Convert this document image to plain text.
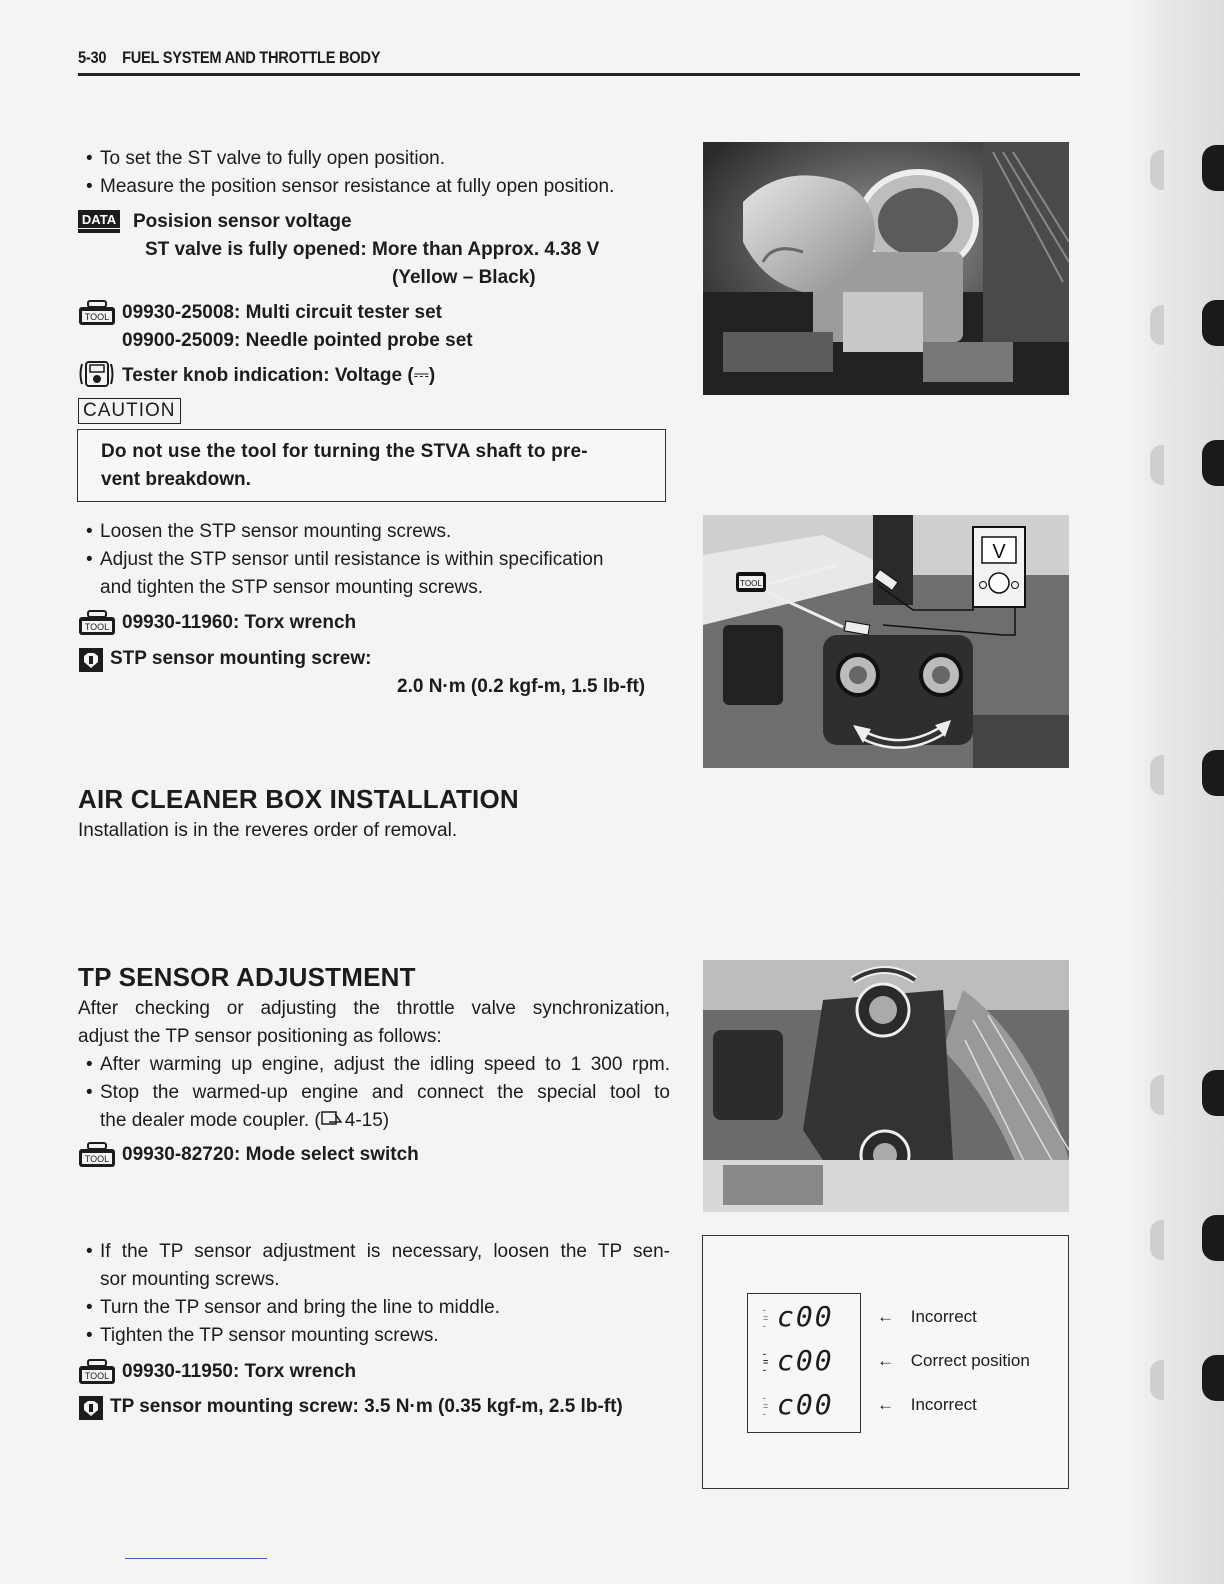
5-30 FUEL SYSTEM AND THROTTLE BODY
• To set the ST valve to fully open position.
• Measure the position sensor resistance at fully open position.
DATA Posision sensor voltage
ST valve is fully opened: More than Approx. 4.38 V
(Yellow – Black)
TOOL 09930-25008: Multi circuit tester set
09900-25009: Needle pointed probe set
Tester knob indication: Voltage (⎓)
CAUTION
Do not use the tool for turning the STVA shaft to pre-
vent breakdown.
• Loosen the STP sensor mounting screws.
• Adjust the STP sensor until resistance is within specification
and tighten the STP sensor mounting screws.
TOOL 09930-11960: Torx wrench
STP sensor mounting screw:
2.0 N·m (0.2 kgf-m, 1.5 lb-ft)
TOOL
V
AIR CLEANER BOX INSTALLATION
Installation is in the reveres order of removal.
TP SENSOR ADJUSTMENT
After checking or adjusting the throttle valve synchronization,
adjust the TP sensor positioning as follows:
• After warming up engine, adjust the idling speed to 1 300 rpm.
• Stop the warmed-up engine and connect the special tool to
the dealer mode coupler. ( 4-15)
TOOL 09930-82720: Mode select switch
• If the TP sensor adjustment is necessary, loosen the TP sen-
sor mounting screws.
• Turn the TP sensor and bring the line to middle.
• Tighten the TP sensor mounting screws.
TOOL 09930-11950: Torx wrench
TP sensor mounting screw: 3.5 N·m (0.35 kgf-m, 2.5 lb-ft)
-
=
- c00
-
=
- c00
-
=
- c00
← Incorrect
← Correct position
← Incorrect
